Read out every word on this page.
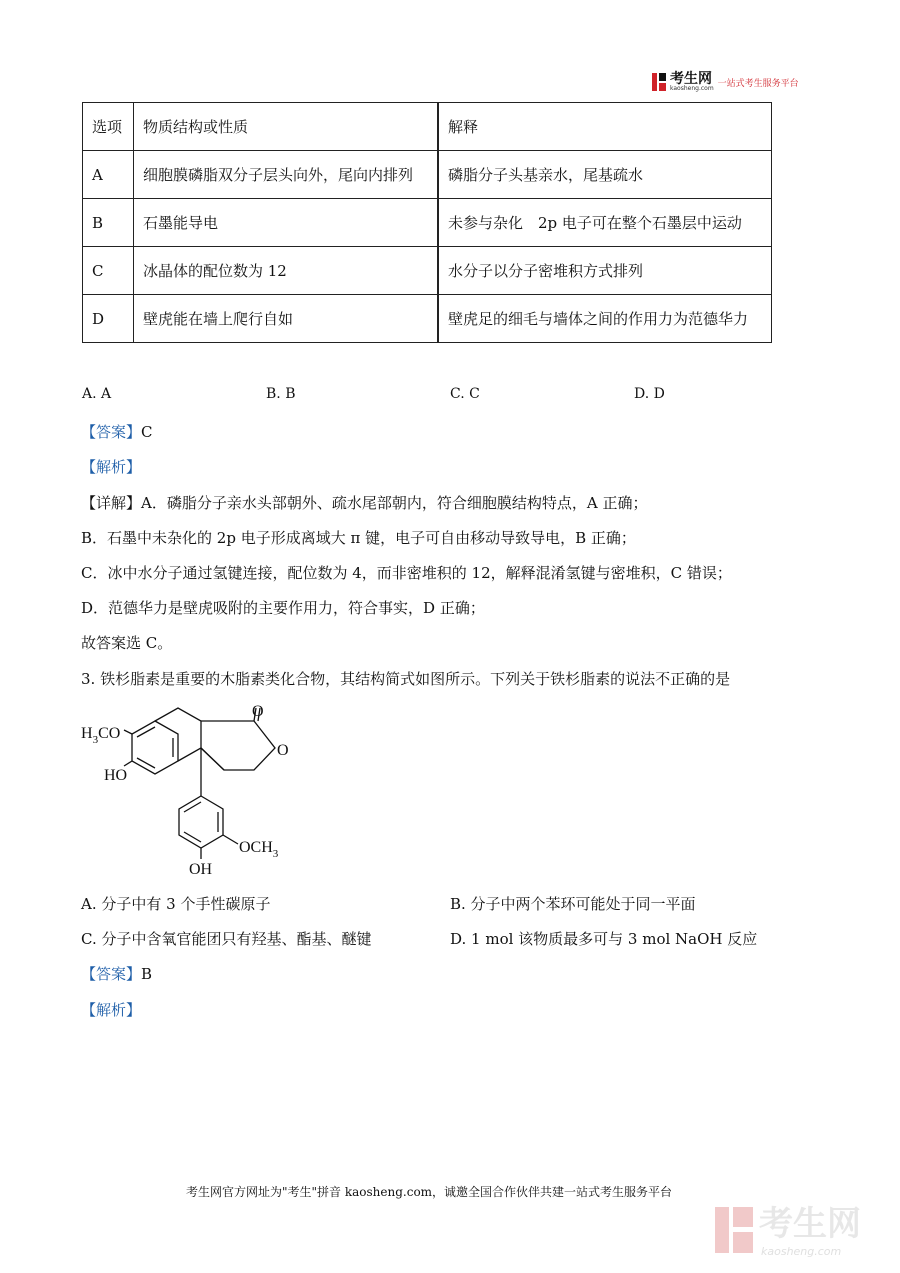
考生网
kaosheng.com 一站式考生服务平台
选项	物质结构或性质	解释
A	细胞膜磷脂双分子层头向外，尾向内排列	磷脂分子头基亲水，尾基疏水
B	石墨能导电	未参与杂化　2p 电子可在整个石墨层中运动
C	冰晶体的配位数为 12	水分子以分子密堆积方式排列
D	壁虎能在墙上爬行自如	壁虎足的细毛与墙体之间的作用力为范德华力
A. A	B. B	C. C	D. D
【答案】C
【解析】
【详解】A．磷脂分子亲水头部朝外、疏水尾部朝内，符合细胞膜结构特点，A 正确；
B．石墨中未杂化的 2p 电子形成离域大 π 键，电子可自由移动导致导电，B 正确；
C．冰中水分子通过氢键连接，配位数为 4，而非密堆积的 12，解释混淆氢键与密堆积，C 错误；
D．范德华力是壁虎吸附的主要作用力，符合事实，D 正确；
故答案选 C。
3. 铁杉脂素是重要的木脂素类化合物，其结构简式如图所示。下列关于铁杉脂素的说法不正确的是
$H_3CO$
HO
O
O
$OCH_3$
OH
A. 分子中有 3 个手性碳原子	B. 分子中两个苯环可能处于同一平面
C. 分子中含氧官能团只有羟基、酯基、醚键	D. 1 mol 该物质最多可与 3 mol NaOH 反应
【答案】B
【解析】
考生网官方网址为"考生"拼音 kaosheng.com，诚邀全国合作伙伴共建一站式考生服务平台
考生网
kaosheng.com
